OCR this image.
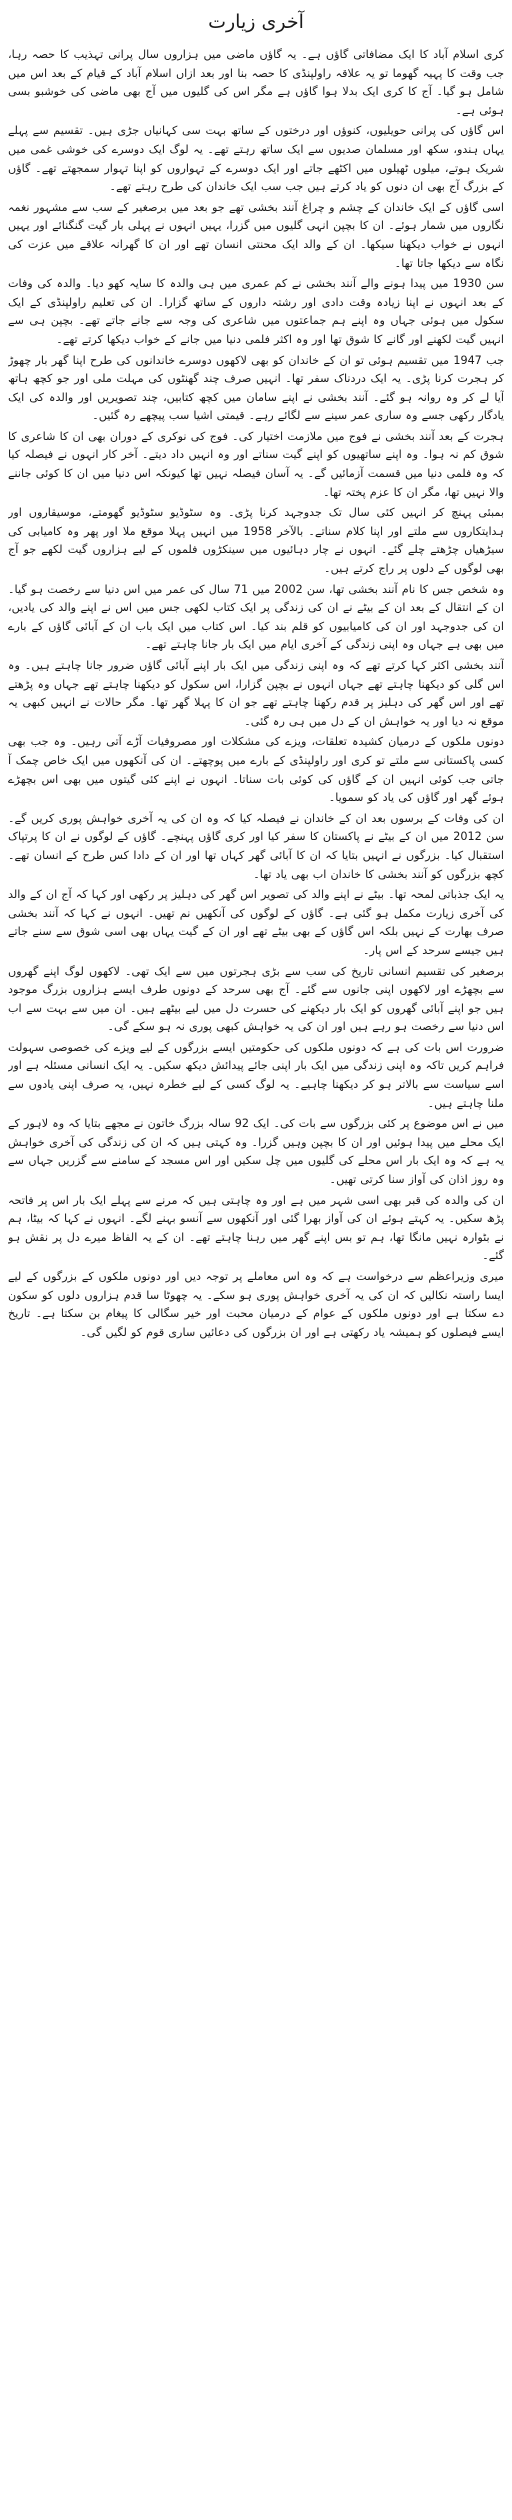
آخری زیارت

کری اسلام آباد کا ایک مضافاتی گاؤں ہے۔ یہ گاؤں ماضی میں ہزاروں سال پرانی تہذیب کا حصہ رہا، جب وقت کا پہیہ گھوما تو یہ علاقہ راولپنڈی کا حصہ بنا اور بعد ازاں اسلام آباد کے قیام کے بعد اس میں شامل ہو گیا۔ آج کا کری ایک بدلا ہوا گاؤں ہے مگر اس کی گلیوں میں آج بھی ماضی کی خوشبو بسی ہوئی ہے۔

اس گاؤں کی پرانی حویلیوں، کنوؤں اور درختوں کے ساتھ بہت سی کہانیاں جڑی ہیں۔ تقسیم سے پہلے یہاں ہندو، سکھ اور مسلمان صدیوں سے ایک ساتھ رہتے تھے۔ یہ لوگ ایک دوسرے کی خوشی غمی میں شریک ہوتے، میلوں ٹھیلوں میں اکٹھے جاتے اور ایک دوسرے کے تہواروں کو اپنا تہوار سمجھتے تھے۔ گاؤں کے بزرگ آج بھی ان دنوں کو یاد کرتے ہیں جب سب ایک خاندان کی طرح رہتے تھے۔

اسی گاؤں کے ایک خاندان کے چشم و چراغ آنند بخشی تھے جو بعد میں برصغیر کے سب سے مشہور نغمہ نگاروں میں شمار ہوئے۔ ان کا بچپن انہی گلیوں میں گزرا، یہیں انہوں نے پہلی بار گیت گنگنائے اور یہیں انہوں نے خواب دیکھنا سیکھا۔ ان کے والد ایک محنتی انسان تھے اور ان کا گھرانہ علاقے میں عزت کی نگاہ سے دیکھا جاتا تھا۔

سن 1930 میں پیدا ہونے والے آنند بخشی نے کم عمری میں ہی والدہ کا سایہ کھو دیا۔ والدہ کی وفات کے بعد انہوں نے اپنا زیادہ وقت دادی اور رشتہ داروں کے ساتھ گزارا۔ ان کی تعلیم راولپنڈی کے ایک سکول میں ہوئی جہاں وہ اپنے ہم جماعتوں میں شاعری کی وجہ سے جانے جاتے تھے۔ بچپن ہی سے انہیں گیت لکھنے اور گانے کا شوق تھا اور وہ اکثر فلمی دنیا میں جانے کے خواب دیکھا کرتے تھے۔

جب 1947 میں تقسیم ہوئی تو ان کے خاندان کو بھی لاکھوں دوسرے خاندانوں کی طرح اپنا گھر بار چھوڑ کر ہجرت کرنا پڑی۔ یہ ایک دردناک سفر تھا۔ انہیں صرف چند گھنٹوں کی مہلت ملی اور جو کچھ ہاتھ آیا لے کر وہ روانہ ہو گئے۔ آنند بخشی نے اپنے سامان میں کچھ کتابیں، چند تصویریں اور والدہ کی ایک یادگار رکھی جسے وہ ساری عمر سینے سے لگائے رہے۔ قیمتی اشیا سب پیچھے رہ گئیں۔

ہجرت کے بعد آنند بخشی نے فوج میں ملازمت اختیار کی۔ فوج کی نوکری کے دوران بھی ان کا شاعری کا شوق کم نہ ہوا۔ وہ اپنے ساتھیوں کو اپنے گیت سناتے اور وہ انہیں داد دیتے۔ آخر کار انہوں نے فیصلہ کیا کہ وہ فلمی دنیا میں قسمت آزمائیں گے۔ یہ آسان فیصلہ نہیں تھا کیونکہ اس دنیا میں ان کا کوئی جاننے والا نہیں تھا، مگر ان کا عزم پختہ تھا۔

بمبئی پہنچ کر انہیں کئی سال تک جدوجہد کرنا پڑی۔ وہ سٹوڈیو سٹوڈیو گھومتے، موسیقاروں اور ہدایتکاروں سے ملتے اور اپنا کلام سناتے۔ بالآخر 1958 میں انہیں پہلا موقع ملا اور پھر وہ کامیابی کی سیڑھیاں چڑھتے چلے گئے۔ انہوں نے چار دہائیوں میں سینکڑوں فلموں کے لیے ہزاروں گیت لکھے جو آج بھی لوگوں کے دلوں پر راج کرتے ہیں۔

وہ شخص جس کا نام آنند بخشی تھا، سن 2002 میں 71 سال کی عمر میں اس دنیا سے رخصت ہو گیا۔ ان کے انتقال کے بعد ان کے بیٹے نے ان کی زندگی پر ایک کتاب لکھی جس میں اس نے اپنے والد کی یادیں، ان کی جدوجہد اور ان کی کامیابیوں کو قلم بند کیا۔ اس کتاب میں ایک باب ان کے آبائی گاؤں کے بارے میں بھی ہے جہاں وہ اپنی زندگی کے آخری ایام میں ایک بار جانا چاہتے تھے۔

آنند بخشی اکثر کہا کرتے تھے کہ وہ اپنی زندگی میں ایک بار اپنے آبائی گاؤں ضرور جانا چاہتے ہیں۔ وہ اس گلی کو دیکھنا چاہتے تھے جہاں انہوں نے بچپن گزارا، اس سکول کو دیکھنا چاہتے تھے جہاں وہ پڑھتے تھے اور اس گھر کی دہلیز پر قدم رکھنا چاہتے تھے جو ان کا پہلا گھر تھا۔ مگر حالات نے انہیں کبھی یہ موقع نہ دیا اور یہ خواہش ان کے دل میں ہی رہ گئی۔

دونوں ملکوں کے درمیان کشیدہ تعلقات، ویزے کی مشکلات اور مصروفیات آڑے آتی رہیں۔ وہ جب بھی کسی پاکستانی سے ملتے تو کری اور راولپنڈی کے بارے میں پوچھتے۔ ان کی آنکھوں میں ایک خاص چمک آ جاتی جب کوئی انہیں ان کے گاؤں کی کوئی بات سناتا۔ انہوں نے اپنے کئی گیتوں میں بھی اس بچھڑے ہوئے گھر اور گاؤں کی یاد کو سمویا۔

ان کی وفات کے برسوں بعد ان کے خاندان نے فیصلہ کیا کہ وہ ان کی یہ آخری خواہش پوری کریں گے۔ سن 2012 میں ان کے بیٹے نے پاکستان کا سفر کیا اور کری گاؤں پہنچے۔ گاؤں کے لوگوں نے ان کا پرتپاک استقبال کیا۔ بزرگوں نے انہیں بتایا کہ ان کا آبائی گھر کہاں تھا اور ان کے دادا کس طرح کے انسان تھے۔ کچھ بزرگوں کو آنند بخشی کا خاندان اب بھی یاد تھا۔

یہ ایک جذباتی لمحہ تھا۔ بیٹے نے اپنے والد کی تصویر اس گھر کی دہلیز پر رکھی اور کہا کہ آج ان کے والد کی آخری زیارت مکمل ہو گئی ہے۔ گاؤں کے لوگوں کی آنکھیں نم تھیں۔ انہوں نے کہا کہ آنند بخشی صرف بھارت کے نہیں بلکہ اس گاؤں کے بھی بیٹے تھے اور ان کے گیت یہاں بھی اسی شوق سے سنے جاتے ہیں جیسے سرحد کے اس پار۔

برصغیر کی تقسیم انسانی تاریخ کی سب سے بڑی ہجرتوں میں سے ایک تھی۔ لاکھوں لوگ اپنے گھروں سے بچھڑے اور لاکھوں اپنی جانوں سے گئے۔ آج بھی سرحد کے دونوں طرف ایسے ہزاروں بزرگ موجود ہیں جو اپنے آبائی گھروں کو ایک بار دیکھنے کی حسرت دل میں لیے بیٹھے ہیں۔ ان میں سے بہت سے اب اس دنیا سے رخصت ہو رہے ہیں اور ان کی یہ خواہش کبھی پوری نہ ہو سکے گی۔

ضرورت اس بات کی ہے کہ دونوں ملکوں کی حکومتیں ایسے بزرگوں کے لیے ویزے کی خصوصی سہولت فراہم کریں تاکہ وہ اپنی زندگی میں ایک بار اپنی جائے پیدائش دیکھ سکیں۔ یہ ایک انسانی مسئلہ ہے اور اسے سیاست سے بالاتر ہو کر دیکھنا چاہیے۔ یہ لوگ کسی کے لیے خطرہ نہیں، یہ صرف اپنی یادوں سے ملنا چاہتے ہیں۔

میں نے اس موضوع پر کئی بزرگوں سے بات کی۔ ایک 92 سالہ بزرگ خاتون نے مجھے بتایا کہ وہ لاہور کے ایک محلے میں پیدا ہوئیں اور ان کا بچپن وہیں گزرا۔ وہ کہتی ہیں کہ ان کی زندگی کی آخری خواہش یہ ہے کہ وہ ایک بار اس محلے کی گلیوں میں چل سکیں اور اس مسجد کے سامنے سے گزریں جہاں سے وہ روز اذان کی آواز سنا کرتی تھیں۔

ان کی والدہ کی قبر بھی اسی شہر میں ہے اور وہ چاہتی ہیں کہ مرنے سے پہلے ایک بار اس پر فاتحہ پڑھ سکیں۔ یہ کہتے ہوئے ان کی آواز بھرا گئی اور آنکھوں سے آنسو بہنے لگے۔ انہوں نے کہا کہ بیٹا، ہم نے بٹوارہ نہیں مانگا تھا، ہم تو بس اپنے گھر میں رہنا چاہتے تھے۔ ان کے یہ الفاظ میرے دل پر نقش ہو گئے۔

میری وزیراعظم سے درخواست ہے کہ وہ اس معاملے پر توجہ دیں اور دونوں ملکوں کے بزرگوں کے لیے ایسا راستہ نکالیں کہ ان کی یہ آخری خواہش پوری ہو سکے۔ یہ چھوٹا سا قدم ہزاروں دلوں کو سکون دے سکتا ہے اور دونوں ملکوں کے عوام کے درمیان محبت اور خیر سگالی کا پیغام بن سکتا ہے۔ تاریخ ایسے فیصلوں کو ہمیشہ یاد رکھتی ہے اور ان بزرگوں کی دعائیں ساری قوم کو لگیں گی۔
